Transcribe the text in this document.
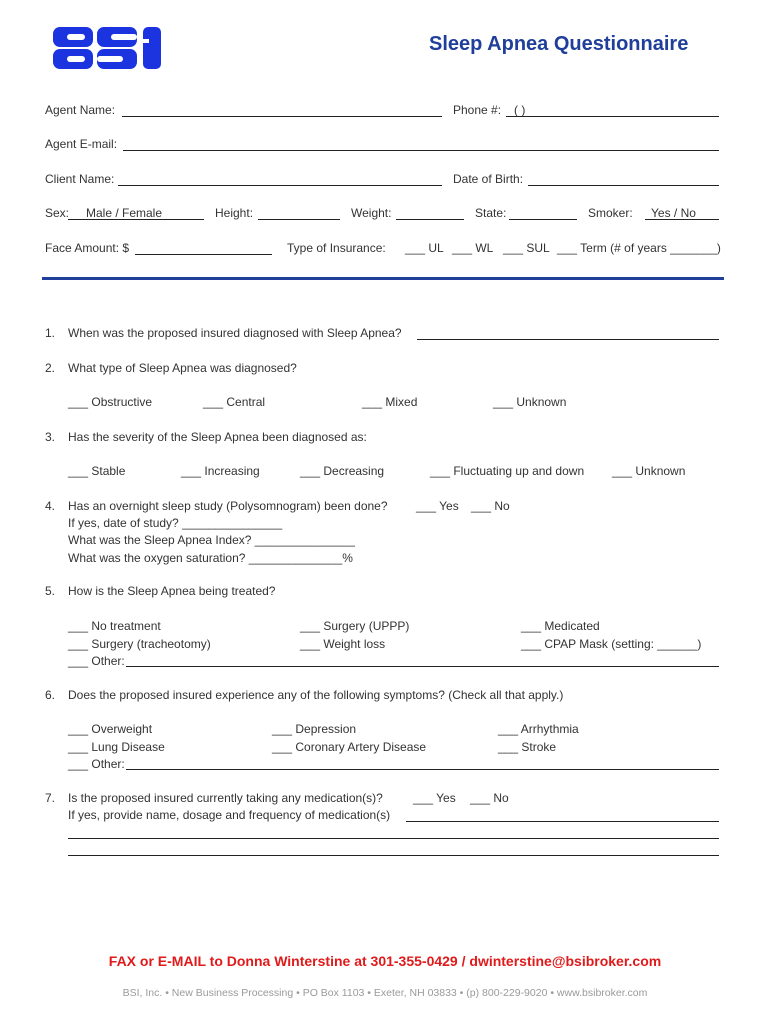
Sleep Apnea Questionnaire
Agent Name:	Phone #: ( )
Agent E-mail:
Client Name:	Date of Birth:
Sex: Male / Female	Height:	Weight:	State:	Smoker: Yes / No
Face Amount: $	Type of Insurance: ___ UL ___ WL ___ SUL ___ Term (# of years _______)
1. When was the proposed insured diagnosed with Sleep Apnea?
2. What type of Sleep Apnea was diagnosed?
___ Obstructive	___ Central	___ Mixed	___ Unknown
3. Has the severity of the Sleep Apnea been diagnosed as:
___ Stable	___ Increasing	___ Decreasing	___ Fluctuating up and down ___ Unknown
4. Has an overnight sleep study (Polysomnogram) been done? ___ Yes ___ No
If yes, date of study? _______________
What was the Sleep Apnea Index? _______________
What was the oxygen saturation? ______________%
5. How is the Sleep Apnea being treated?
___ No treatment	___ Surgery (UPPP)	___ Medicated
___ Surgery (tracheotomy)	___ Weight loss	___ CPAP Mask (setting: ______)
___ Other:
6. Does the proposed insured experience any of the following symptoms? (Check all that apply.)
___ Overweight	___ Depression	___ Arrhythmia
___ Lung Disease	___ Coronary Artery Disease	___ Stroke
___ Other:
7. Is the proposed insured currently taking any medication(s)?	___ Yes ___ No
If yes, provide name, dosage and frequency of medication(s)
FAX or E-MAIL to Donna Winterstine at 301-355-0429 / dwinterstine@bsibroker.com
BSI, Inc. • New Business Processing • PO Box 1103 • Exeter, NH 03833 • (p) 800-229-9020 • www.bsibroker.com
